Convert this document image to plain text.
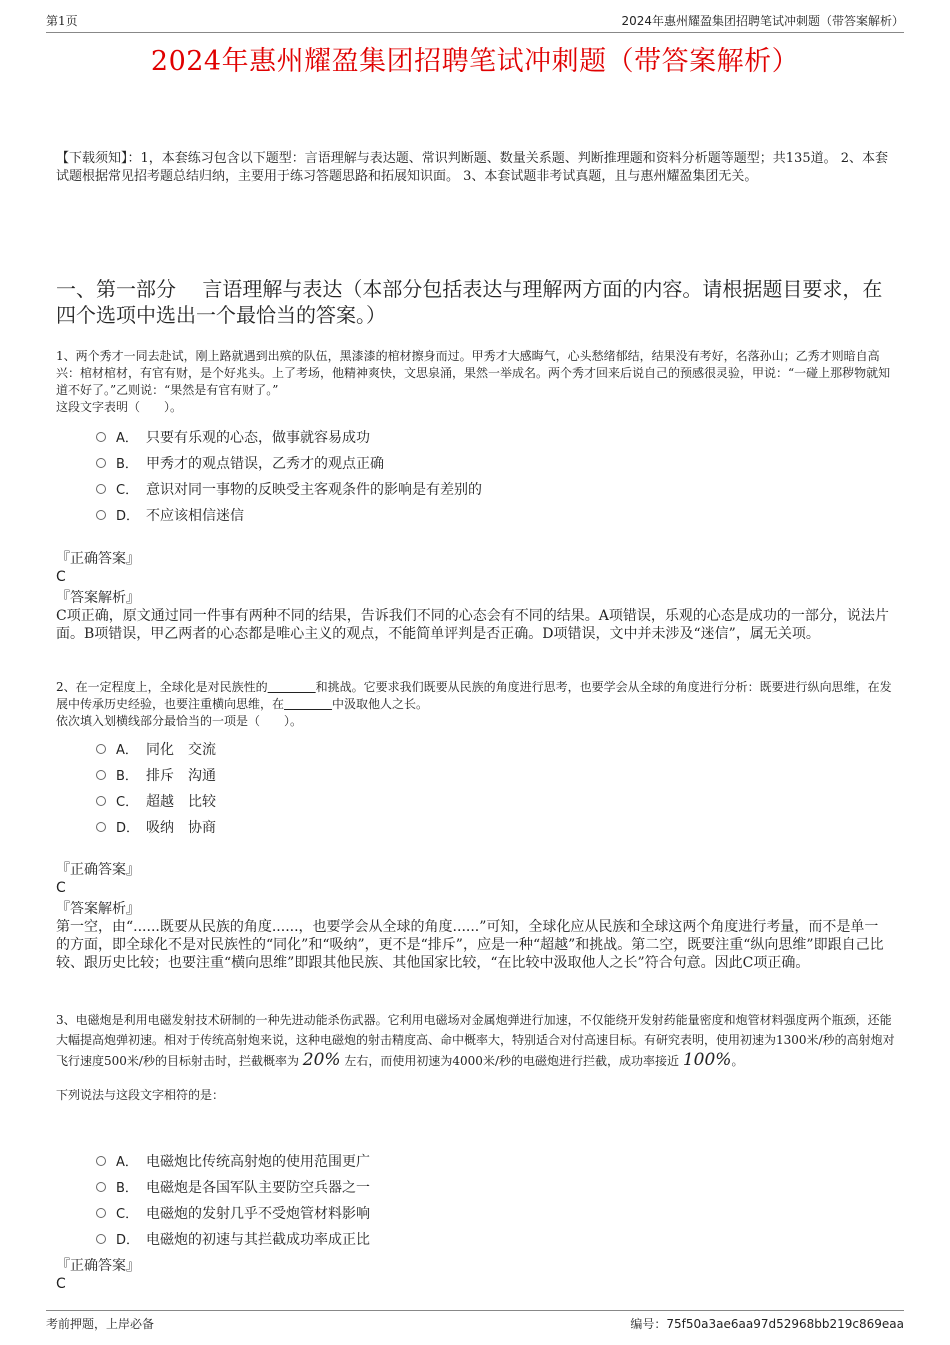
第1页	2024年惠州耀盈集团招聘笔试冲刺题（带答案解析）
2024年惠州耀盈集团招聘笔试冲刺题（带答案解析）
【下载须知】：1，本套练习包含以下题型：言语理解与表达题、常识判断题、数量关系题、判断推理题和资料分析题等题型；共135道。 2、本套试题根据常见招考题总结归纳，主要用于练习答题思路和拓展知识面。 3、本套试题非考试真题，且与惠州耀盈集团无关。
一、第一部分　 言语理解与表达（本部分包括表达与理解两方面的内容。请根据题目要求，在四个选项中选出一个最恰当的答案。）
1、两个秀才一同去赴试，刚上路就遇到出殡的队伍，黑漆漆的棺材擦身而过。甲秀才大感晦气，心头愁绪郁结，结果没有考好，名落孙山；乙秀才则暗自高兴：棺材棺材，有官有财，是个好兆头。上了考场，他精神爽快，文思泉涌，果然一举成名。两个秀才回来后说自己的预感很灵验，甲说：“一碰上那秽物就知道不好了。”乙则说：“果然是有官有财了。”
这段文字表明（　　）。
A． 只要有乐观的心态，做事就容易成功
B． 甲秀才的观点错误，乙秀才的观点正确
C． 意识对同一事物的反映受主客观条件的影响是有差别的
D． 不应该相信迷信
『正确答案』
C
『答案解析』
C项正确，原文通过同一件事有两种不同的结果，告诉我们不同的心态会有不同的结果。A项错误，乐观的心态是成功的一部分，说法片面。B项错误，甲乙两者的心态都是唯心主义的观点，不能简单评判是否正确。D项错误，文中并未涉及“迷信”，属无关项。
2、在一定程度上，全球化是对民族性的　　　　	和挑战。它要求我们既要从民族的角度进行思考，也要学会从全球的角度进行分析：既要进行纵向思维，在发展中传承历史经验，也要注重横向思维，在　　　　	中汲取他人之长。
依次填入划横线部分最恰当的一项是（　　）。
A． 同化　交流
B． 排斥　沟通
C． 超越　比较
D． 吸纳　协商
『正确答案』
C
『答案解析』
第一空，由“......既要从民族的角度......，也要学会从全球的角度......”可知，全球化应从民族和全球这两个角度进行考量，而不是单一的方面，即全球化不是对民族性的“同化”和“吸纳”，更不是“排斥”，应是一种“超越”和挑战。第二空，既要注重“纵向思维”即跟自己比较、跟历史比较；也要注重“横向思维”即跟其他民族、其他国家比较，“在比较中汲取他人之长”符合句意。因此C项正确。
3、电磁炮是利用电磁发射技术研制的一种先进动能杀伤武器。它利用电磁场对金属炮弹进行加速，不仅能绕开发射药能量密度和炮管材料强度两个瓶颈，还能大幅提高炮弹初速。相对于传统高射炮来说，这种电磁炮的射击精度高、命中概率大，特别适合对付高速目标。有研究表明，使用初速为1300米/秒的高射炮对飞行速度500米/秒的目标射击时，拦截概率为 20% 左右，而使用初速为4000米/秒的电磁炮进行拦截，成功率接近 100%。
下列说法与这段文字相符的是：
A． 电磁炮比传统高射炮的使用范围更广
B． 电磁炮是各国军队主要防空兵器之一
C． 电磁炮的发射几乎不受炮管材料影响
D． 电磁炮的初速与其拦截成功率成正比
『正确答案』
C
考前押题，上岸必备	编号：75f50a3ae6aa97d52968bb219c869eaa
